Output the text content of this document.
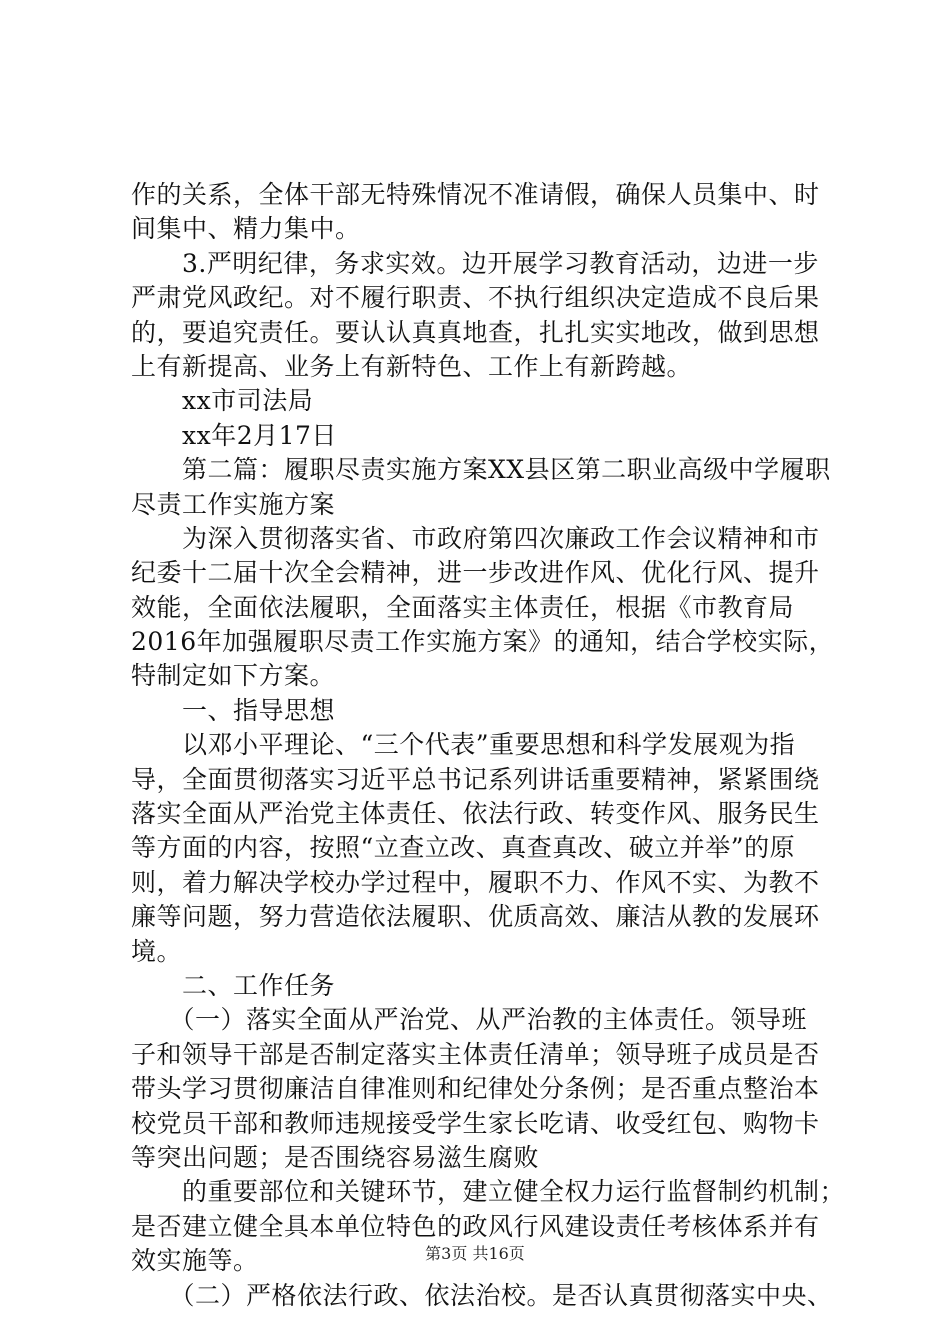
作的关系，全体干部无特殊情况不准请假，确保人员集中、时
间集中、精力集中。
　　3.严明纪律，务求实效。边开展学习教育活动，边进一步
严肃党风政纪。对不履行职责、不执行组织决定造成不良后果
的，要追究责任。要认认真真地查，扎扎实实地改，做到思想
上有新提高、业务上有新特色、工作上有新跨越。
　　xx市司法局
　　xx年2月17日
　　第二篇：履职尽责实施方案XX县区第二职业高级中学履职
尽责工作实施方案
　　为深入贯彻落实省、市政府第四次廉政工作会议精神和市
纪委十二届十次全会精神，进一步改进作风、优化行风、提升
效能，全面依法履职，全面落实主体责任，根据《市教育局
2016年加强履职尽责工作实施方案》的通知，结合学校实际，
特制定如下方案。
　　一、指导思想
　　以邓小平理论、“三个代表”重要思想和科学发展观为指
导，全面贯彻落实习近平总书记系列讲话重要精神，紧紧围绕
落实全面从严治党主体责任、依法行政、转变作风、服务民生
等方面的内容，按照“立查立改、真查真改、破立并举”的原
则，着力解决学校办学过程中，履职不力、作风不实、为教不
廉等问题，努力营造依法履职、优质高效、廉洁从教的发展环
境。
　　二、工作任务
　　（一）落实全面从严治党、从严治教的主体责任。领导班
子和领导干部是否制定落实主体责任清单；领导班子成员是否
带头学习贯彻廉洁自律准则和纪律处分条例；是否重点整治本
校党员干部和教师违规接受学生家长吃请、收受红包、购物卡
等突出问题；是否围绕容易滋生腐败
　　的重要部位和关键环节，建立健全权力运行监督制约机制；
是否建立健全具本单位特色的政风行风建设责任考核体系并有
效实施等。
　　（二）严格依法行政、依法治校。是否认真贯彻落实中央、
第3页 共16页
